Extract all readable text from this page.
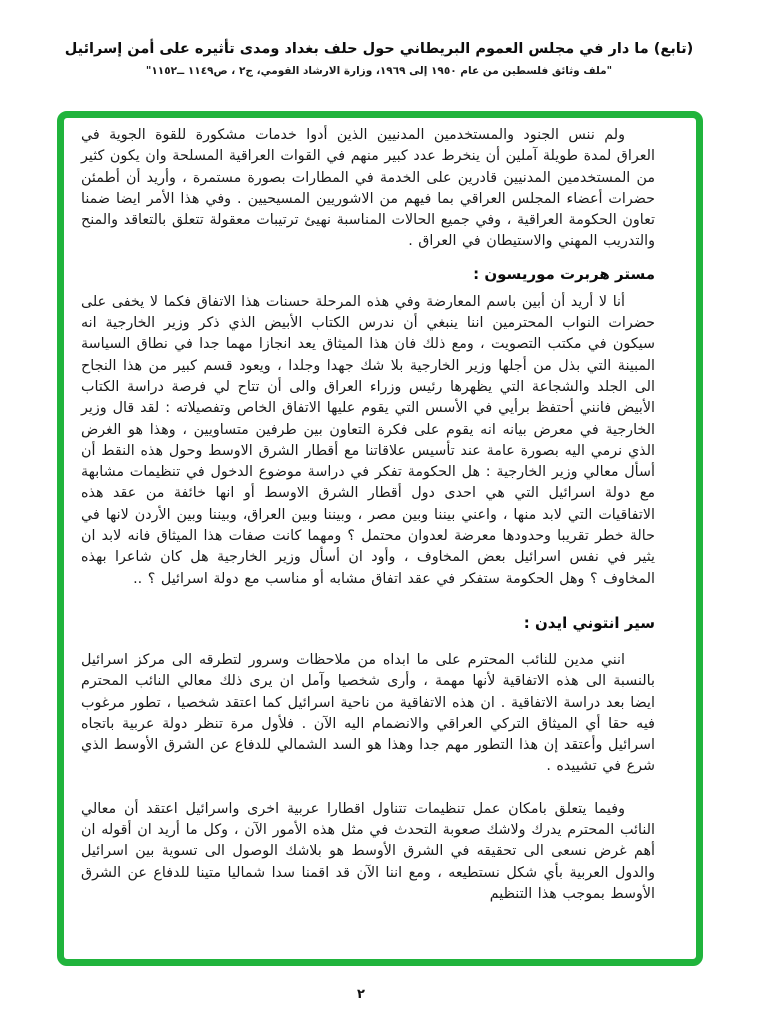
(تابع) ما دار في مجلس العموم البريطاني حول حلف بغداد ومدى تأثيره على أمن إسرائيل
"ملف وثائق فلسطين من عام ١٩٥٠ إلى ١٩٦٩، وزارة الارشاد القومي، ج٢ ، ص١١٤٩ ــ١١٥٢"

ولم ننس الجنود والمستخدمين المدنيين الذين أدوا خدمات مشكورة للقوة الجوية في العراق لمدة طويلة آملين أن ينخرط عدد كبير منهم في القوات العراقية المسلحة وان يكون كثير من المستخدمين المدنيين قادرين على الخدمة في المطارات بصورة مستمرة ، وأريد أن أطمئن حضرات أعضاء المجلس العراقي بما فيهم من الاشوريين المسيحيين . وفي هذا الأمر ايضا ضمنا تعاون الحكومة العراقية ، وفي جميع الحالات المناسبة نهيئ ترتيبات معقولة تتعلق بالتعاقد والمنح والتدريب المهني والاستيطان في العراق .

مستر هربرت موريسون :

أنا لا أريد أن أبين باسم المعارضة وفي هذه المرحلة حسنات هذا الاتفاق فكما لا يخفى على حضرات النواب المحترمين اننا ينبغي أن ندرس الكتاب الأبيض الذي ذكر وزير الخارجية انه سيكون في مكتب التصويت ، ومع ذلك فان هذا الميثاق يعد انجازا مهما جدا في نطاق السياسة المبينة التي بذل من أجلها وزير الخارجية بلا شك جهدا وجلدا ، ويعود قسم كبير من هذا النجاح الى الجلد والشجاعة التي يظهرها رئيس وزراء العراق والى أن تتاح لي فرصة دراسة الكتاب الأبيض فانني أحتفظ برأيي في الأسس التي يقوم عليها الاتفاق الخاص وتفصيلاته : لقد قال وزير الخارجية في معرض بيانه انه يقوم على فكرة التعاون بين طرفين متساويين ، وهذا هو الغرض الذي نرمي اليه بصورة عامة عند تأسيس علاقاتنا مع أقطار الشرق الاوسط وحول هذه النقط أن أسأل معالي وزير الخارجية : هل الحكومة تفكر في دراسة موضوع الدخول في تنظيمات مشابهة مع دولة اسرائيل التي هي احدى دول أقطار الشرق الاوسط أو انها خائفة من عقد هذه الاتفاقيات التي لابد منها ، واعني بيننا وبين مصر ، وبيننا وبين العراق، وبيننا وبين الأردن لانها في حالة خطر تقريبا وحدودها معرضة لعدوان محتمل ؟ ومهما كانت صفات هذا الميثاق فانه لابد ان يثير في نفس اسرائيل بعض المخاوف ، وأود ان أسأل وزير الخارجية هل كان شاعرا بهذه المخاوف ؟ وهل الحكومة ستفكر في عقد اتفاق مشابه أو مناسب مع دولة اسرائيل ؟ ..

سير انتوني ايدن :

انني مدين للنائب المحترم على ما ابداه من ملاحظات وسرور لتطرقه الى مركز اسرائيل بالنسبة الى هذه الاتفاقية لأنها مهمة ، وأرى شخصيا وآمل ان يرى ذلك معالي النائب المحترم ايضا بعد دراسة الاتفاقية . ان هذه الاتفاقية من ناحية اسرائيل كما اعتقد شخصيا ، تطور مرغوب فيه حقا أي الميثاق التركي العراقي والانضمام اليه الآن . فلأول مرة تنظر دولة عربية باتجاه اسرائيل وأعتقد إن هذا التطور مهم جدا وهذا هو السد الشمالي للدفاع عن الشرق الأوسط الذي شرع في تشييده .

وفيما يتعلق بامكان عمل تنظيمات تتناول اقطارا عربية اخرى واسرائيل اعتقد أن معالي النائب المحترم يدرك ولاشك صعوبة التحدث في مثل هذه الأمور الآن ، وكل ما أريد ان أقوله ان أهم غرض نسعى الى تحقيقه في الشرق الأوسط هو بلاشك الوصول الى تسوية بين اسرائيل والدول العربية بأي شكل نستطيعه ، ومع اننا الآن قد اقمنا سدا شماليا متينا للدفاع عن الشرق الأوسط بموجب هذا التنظيم

٢
